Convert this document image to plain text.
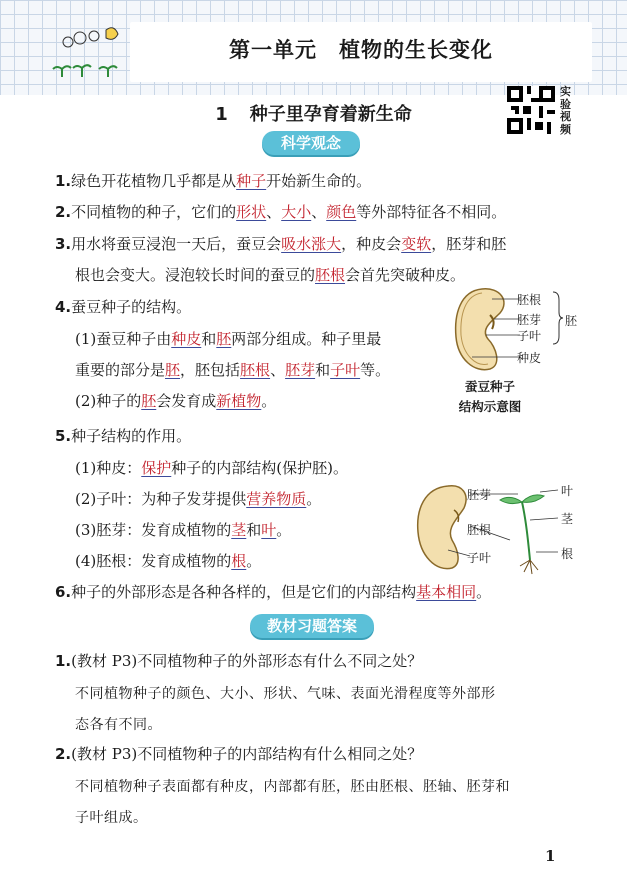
第一单元　植物的生长变化
1 种子里孕育着新生命
实
验
视
频
科学观念
1.绿色开花植物几乎都是从种子开始新生命的。
2.不同植物的种子，它们的形状、大小、颜色等外部特征各不相同。
3.用水将蚕豆浸泡一天后，蚕豆会吸水涨大，种皮会变软，胚芽和胚
根也会变大。浸泡较长时间的蚕豆的胚根会首先突破种皮。
4.蚕豆种子的结构。
(1)蚕豆种子由种皮和胚两部分组成。种子里最
重要的部分是胚，胚包括胚根、胚芽和子叶等。
(2)种子的胚会发育成新植物。
胚根
胚芽
子叶
种皮
胚
蚕豆种子
结构示意图
5.种子结构的作用。
(1)种皮：保护种子的内部结构(保护胚)。
(2)子叶：为种子发芽提供营养物质。
(3)胚芽：发育成植物的茎和叶。
(4)胚根：发育成植物的根。
胚芽
胚根
子叶
叶
茎
根
6.种子的外部形态是各种各样的，但是它们的内部结构基本相同。
教材习题答案
1.(教材 P3)不同植物种子的外部形态有什么不同之处？
不同植物种子的颜色、大小、形状、气味、表面光滑程度等外部形
态各有不同。
2.(教材 P3)不同植物种子的内部结构有什么相同之处？
不同植物种子表面都有种皮，内部都有胚，胚由胚根、胚轴、胚芽和
子叶组成。
1
